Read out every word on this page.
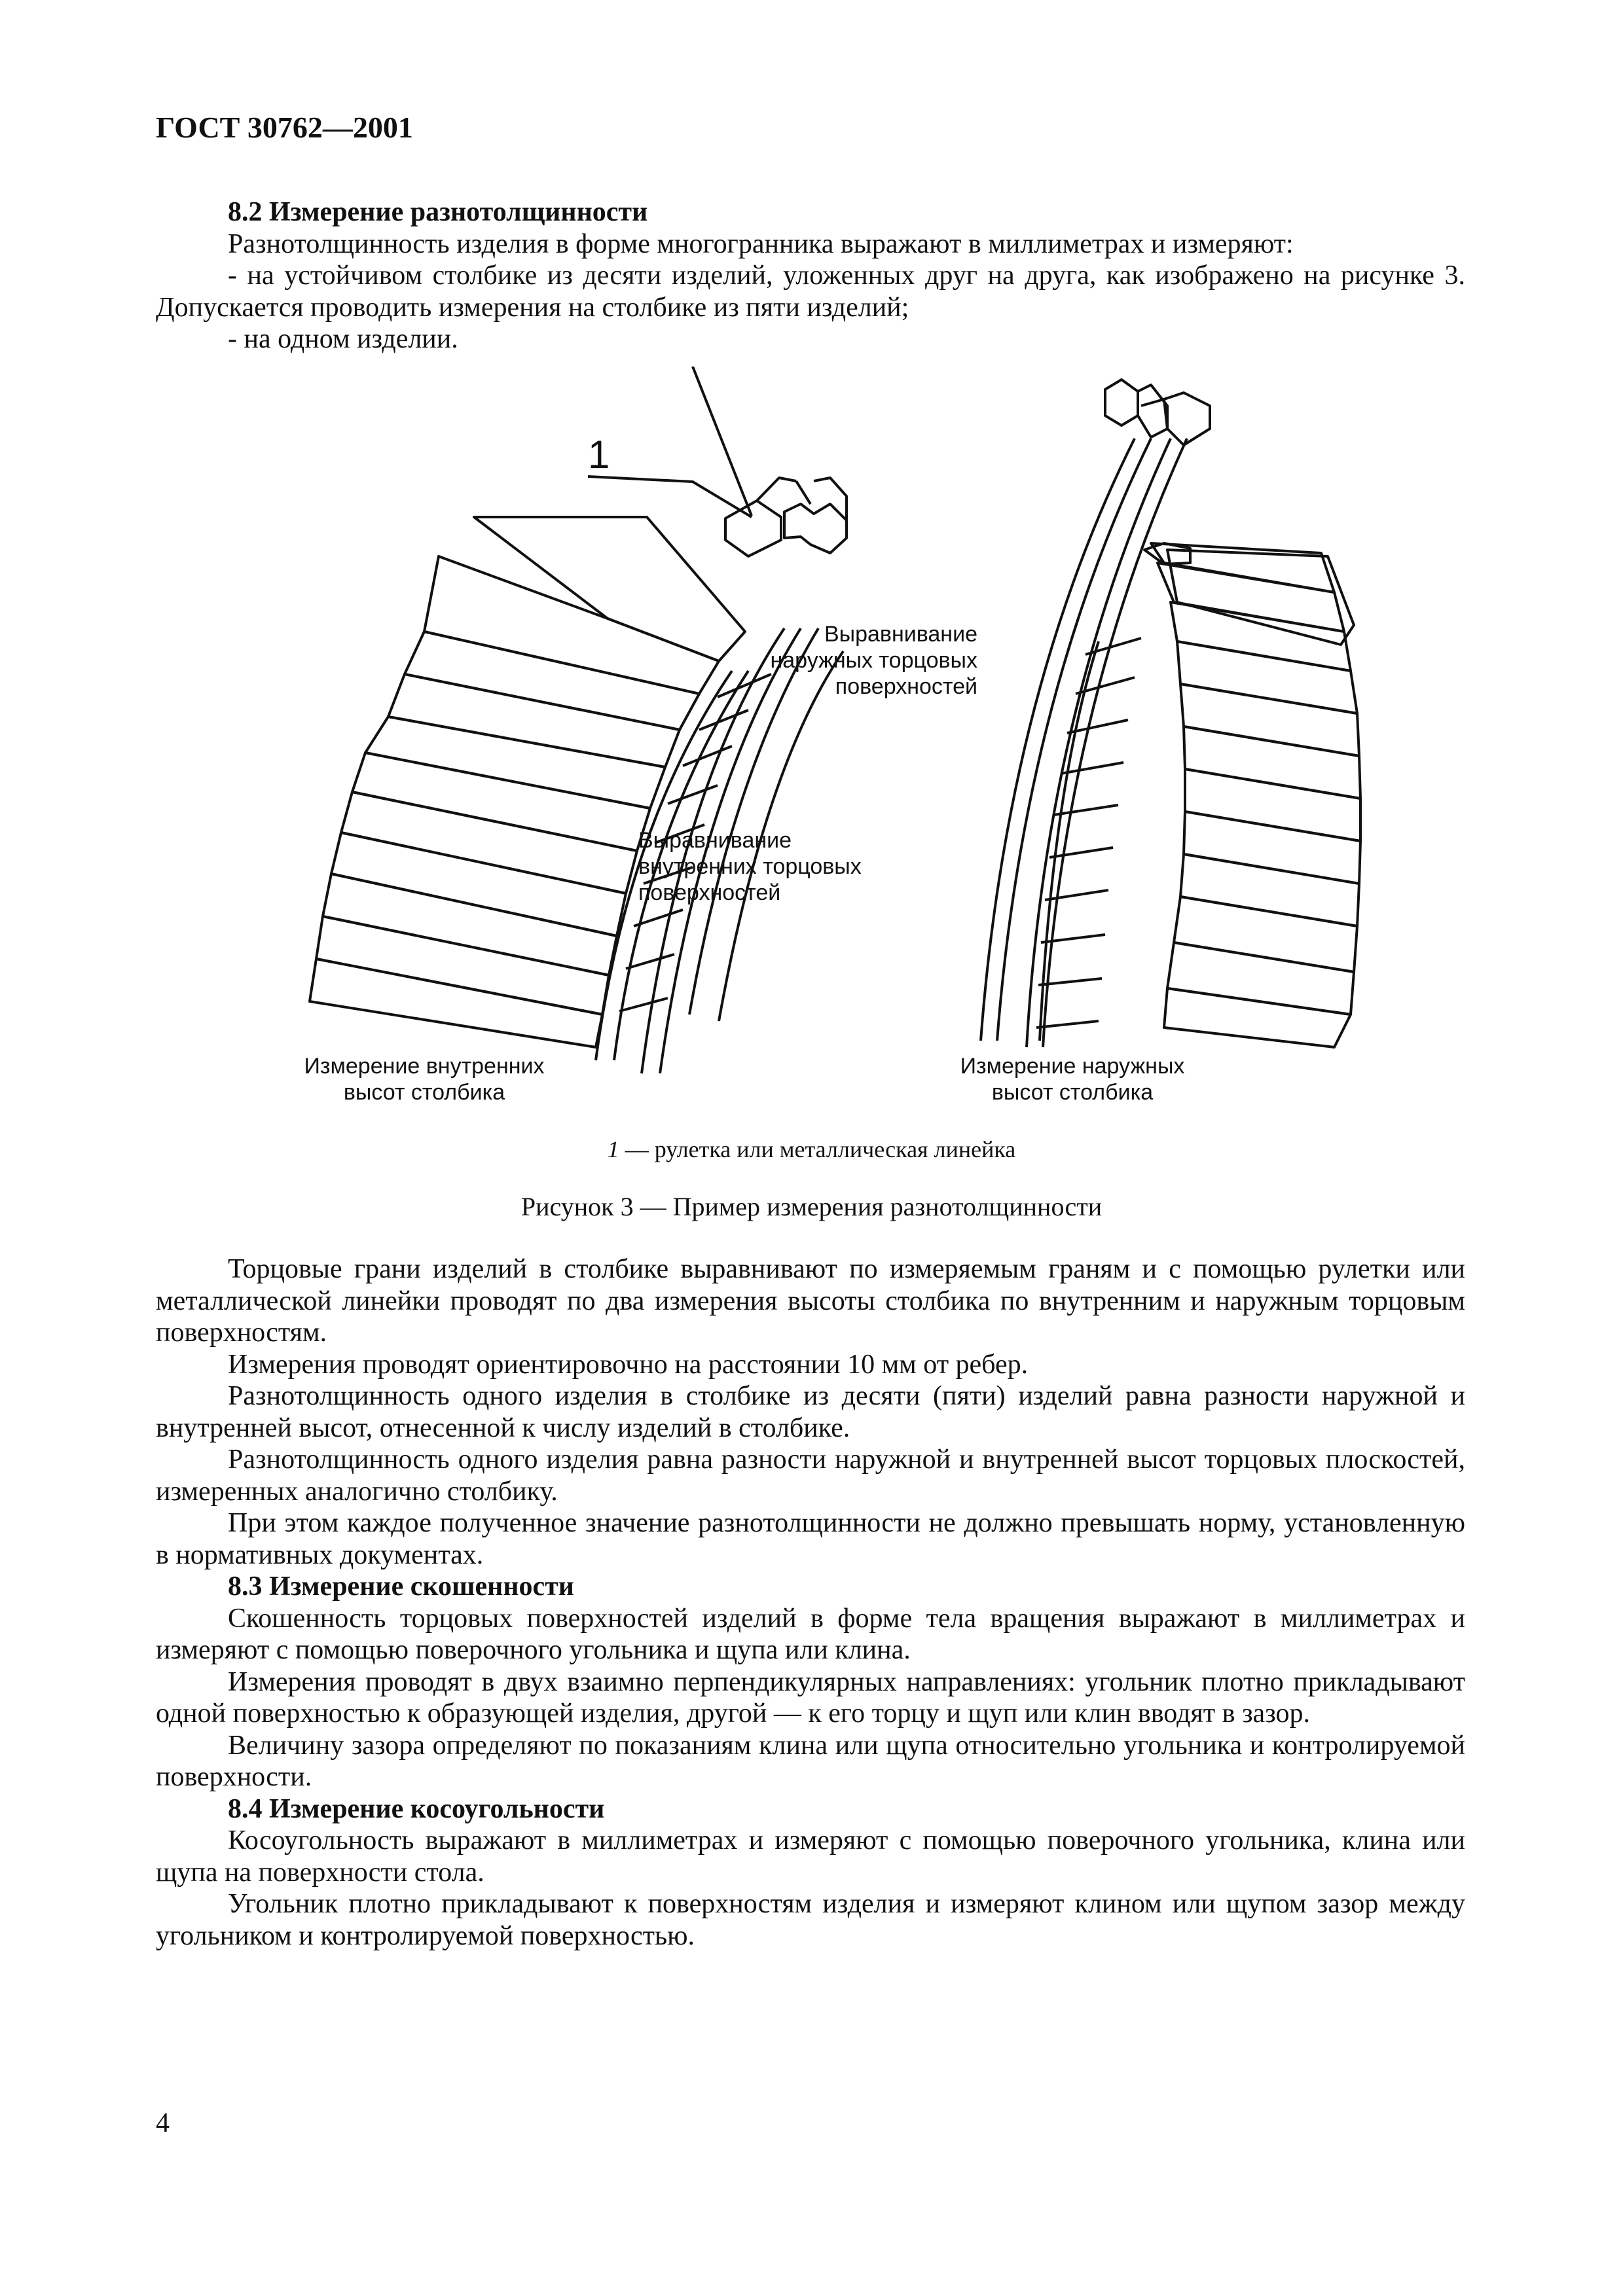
ГОСТ 30762—2001
8.2 Измерение разнотолщинности

Разнотолщинность изделия в форме многогранника выражают в миллиметрах и измеряют:

- на устойчивом столбике из десяти изделий, уложенных друг на друга, как изображено на рисунке 3. Допускается проводить измерения на столбике из пяти изделий;

- на одном изделии.

1
Выравнивание
наружных торцовых
поверхностей
Выравнивание
внутренних торцовых
поверхностей
Измерение внутренних
высот столбика
Измерение наружных
высот столбика
1 — рулетка или металлическая линейка
Рисунок 3 — Пример измерения разнотолщинности

Торцовые грани изделий в столбике выравнивают по измеряемым граням и с помощью рулетки или металлической линейки проводят по два измерения высоты столбика по внутренним и наружным торцовым поверхностям.

Измерения проводят ориентировочно на расстоянии 10 мм от ребер.

Разнотолщинность одного изделия в столбике из десяти (пяти) изделий равна разности наружной и внутренней высот, отнесенной к числу изделий в столбике.

Разнотолщинность одного изделия равна разности наружной и внутренней высот торцовых плоскостей, измеренных аналогично столбику.

При этом каждое полученное значение разнотолщинности не должно превышать норму, установленную в нормативных документах.

8.3 Измерение скошенности

Скошенность торцовых поверхностей изделий в форме тела вращения выражают в миллиметрах и измеряют с помощью поверочного угольника и щупа или клина.

Измерения проводят в двух взаимно перпендикулярных направлениях: угольник плотно прикладывают одной поверхностью к образующей изделия, другой — к его торцу и щуп или клин вводят в зазор.

Величину зазора определяют по показаниям клина или щупа относительно угольника и контролируемой поверхности.

8.4 Измерение косоугольности

Косоугольность выражают в миллиметрах и измеряют с помощью поверочного угольника, клина или щупа на поверхности стола.

Угольник плотно прикладывают к поверхностям изделия и измеряют клином или щупом зазор между угольником и контролируемой поверхностью.

4
